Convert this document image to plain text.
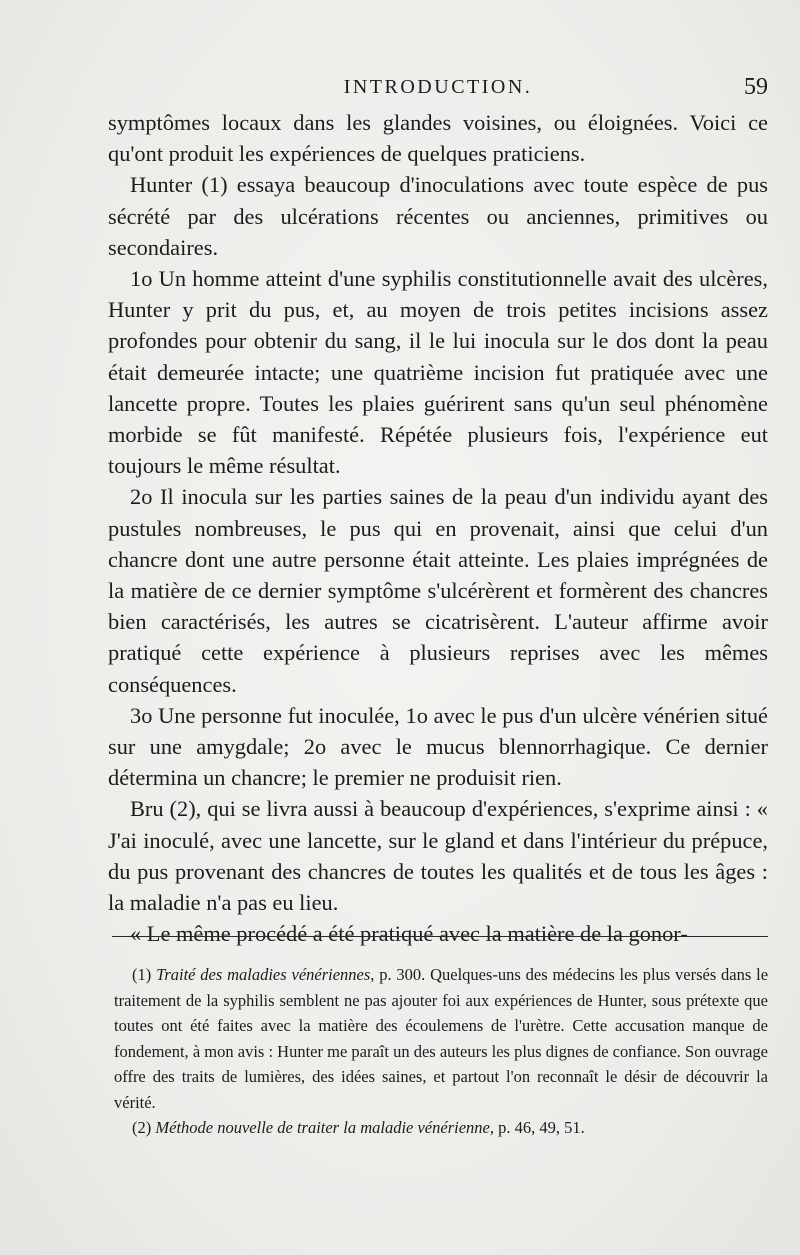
INTRODUCTION.	59

symptômes locaux dans les glandes voisines, ou éloignées. Voici ce qu'ont produit les expériences de quelques praticiens.

Hunter (1) essaya beaucoup d'inoculations avec toute espèce de pus sécrété par des ulcérations récentes ou anciennes, primitives ou secondaires.

1o Un homme atteint d'une syphilis constitutionnelle avait des ulcères, Hunter y prit du pus, et, au moyen de trois petites incisions assez profondes pour obtenir du sang, il le lui inocula sur le dos dont la peau était demeurée intacte; une quatrième incision fut pratiquée avec une lancette propre. Toutes les plaies guérirent sans qu'un seul phénomène morbide se fût manifesté. Répétée plusieurs fois, l'expérience eut toujours le même résultat.

2o Il inocula sur les parties saines de la peau d'un individu ayant des pustules nombreuses, le pus qui en provenait, ainsi que celui d'un chancre dont une autre personne était atteinte. Les plaies imprégnées de la matière de ce dernier symptôme s'ulcérèrent et formèrent des chancres bien caractérisés, les autres se cicatrisèrent. L'auteur affirme avoir pratiqué cette expérience à plusieurs reprises avec les mêmes conséquences.

3o Une personne fut inoculée, 1o avec le pus d'un ulcère vénérien situé sur une amygdale; 2o avec le mucus blennorrhagique. Ce dernier détermina un chancre; le premier ne produisit rien.

Bru (2), qui se livra aussi à beaucoup d'expériences, s'exprime ainsi : « J'ai inoculé, avec une lancette, sur le gland et dans l'intérieur du prépuce, du pus provenant des chancres de toutes les qualités et de tous les âges : la maladie n'a pas eu lieu.

« Le même procédé a été pratiqué avec la matière de la gonor-

(1) Traité des maladies vénériennes, p. 300. Quelques-uns des médecins les plus versés dans le traitement de la syphilis semblent ne pas ajouter foi aux expériences de Hunter, sous prétexte que toutes ont été faites avec la matière des écoulemens de l'urètre. Cette accusation manque de fondement, à mon avis : Hunter me paraît un des auteurs les plus dignes de confiance. Son ouvrage offre des traits de lumières, des idées saines, et partout l'on reconnaît le désir de découvrir la vérité.

(2) Méthode nouvelle de traiter la maladie vénérienne, p. 46, 49, 51.
